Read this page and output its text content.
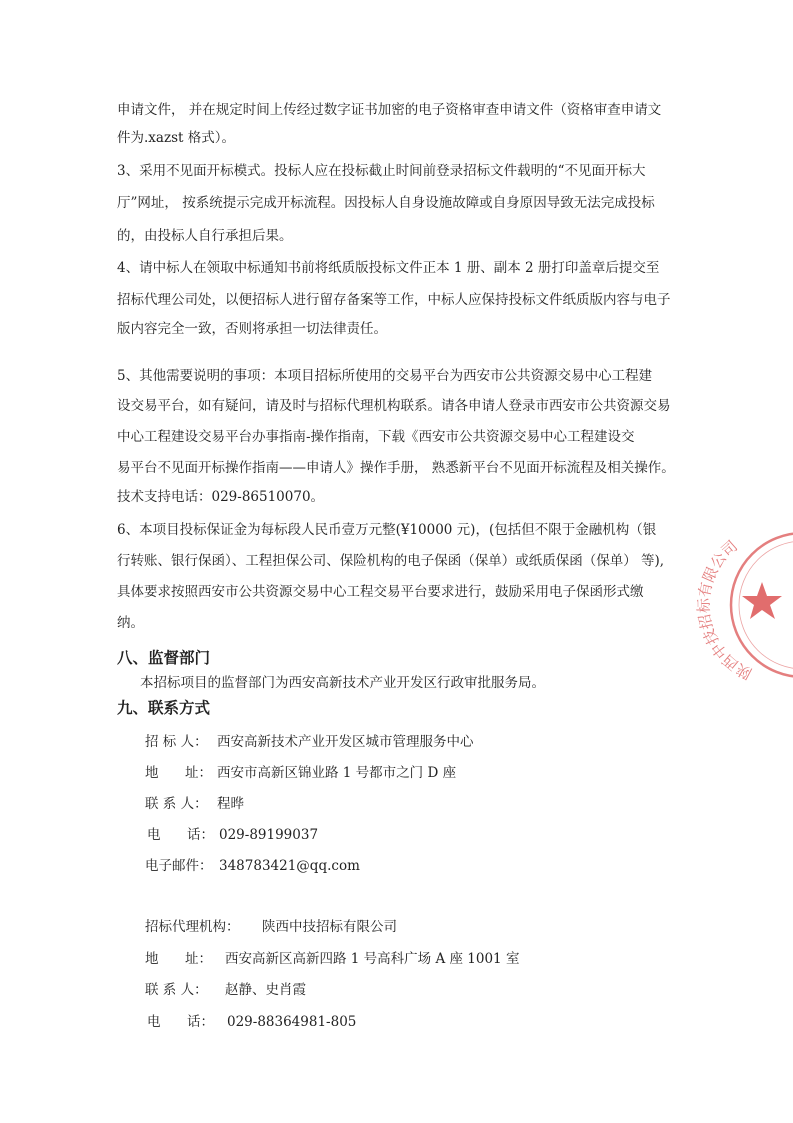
申请文件， 并在规定时间上传经过数字证书加密的电子资格审查申请文件（资格审查申请文
件为.xazst 格式）。
3、采用不见面开标模式。投标人应在投标截止时间前登录招标文件载明的“不见面开标大
厅”网址， 按系统提示完成开标流程。因投标人自身设施故障或自身原因导致无法完成投标
的，由投标人自行承担后果。
4、请中标人在领取中标通知书前将纸质版投标文件正本 1 册、副本 2 册打印盖章后提交至
招标代理公司处，以便招标人进行留存备案等工作，中标人应保持投标文件纸质版内容与电子
版内容完全一致，否则将承担一切法律责任。
5、其他需要说明的事项：本项目招标所使用的交易平台为西安市公共资源交易中心工程建
设交易平台，如有疑问，请及时与招标代理机构联系。请各申请人登录市西安市公共资源交易
中心工程建设交易平台办事指南-操作指南，下载《西安市公共资源交易中心工程建设交
易平台不见面开标操作指南——申请人》操作手册， 熟悉新平台不见面开标流程及相关操作。
技术支持电话：029-86510070。
6、本项目投标保证金为每标段人民币壹万元整(¥10000 元)，(包括但不限于金融机构（银
行转账、银行保函）、工程担保公司、保险机构的电子保函（保单）或纸质保函（保单） 等),
具体要求按照西安市公共资源交易中心工程交易平台要求进行，鼓励采用电子保函形式缴
纳。
八、监督部门
本招标项目的监督部门为西安高新技术产业开发区行政审批服务局。
九、联系方式
招 标 人： 西安高新技术产业开发区城市管理服务中心
地 址： 西安市高新区锦业路 1 号都市之门 D 座
联 系 人： 程晔
电 话： 029-89199037
电子邮件： 348783421@qq.com
招标代理机构： 陕西中技招标有限公司
地 址： 西安高新区高新四路 1 号高科广场 A 座 1001 室
联 系 人： 赵静、史肖霞
电 话： 029-88364981-805
陕西中技招标有限公司
